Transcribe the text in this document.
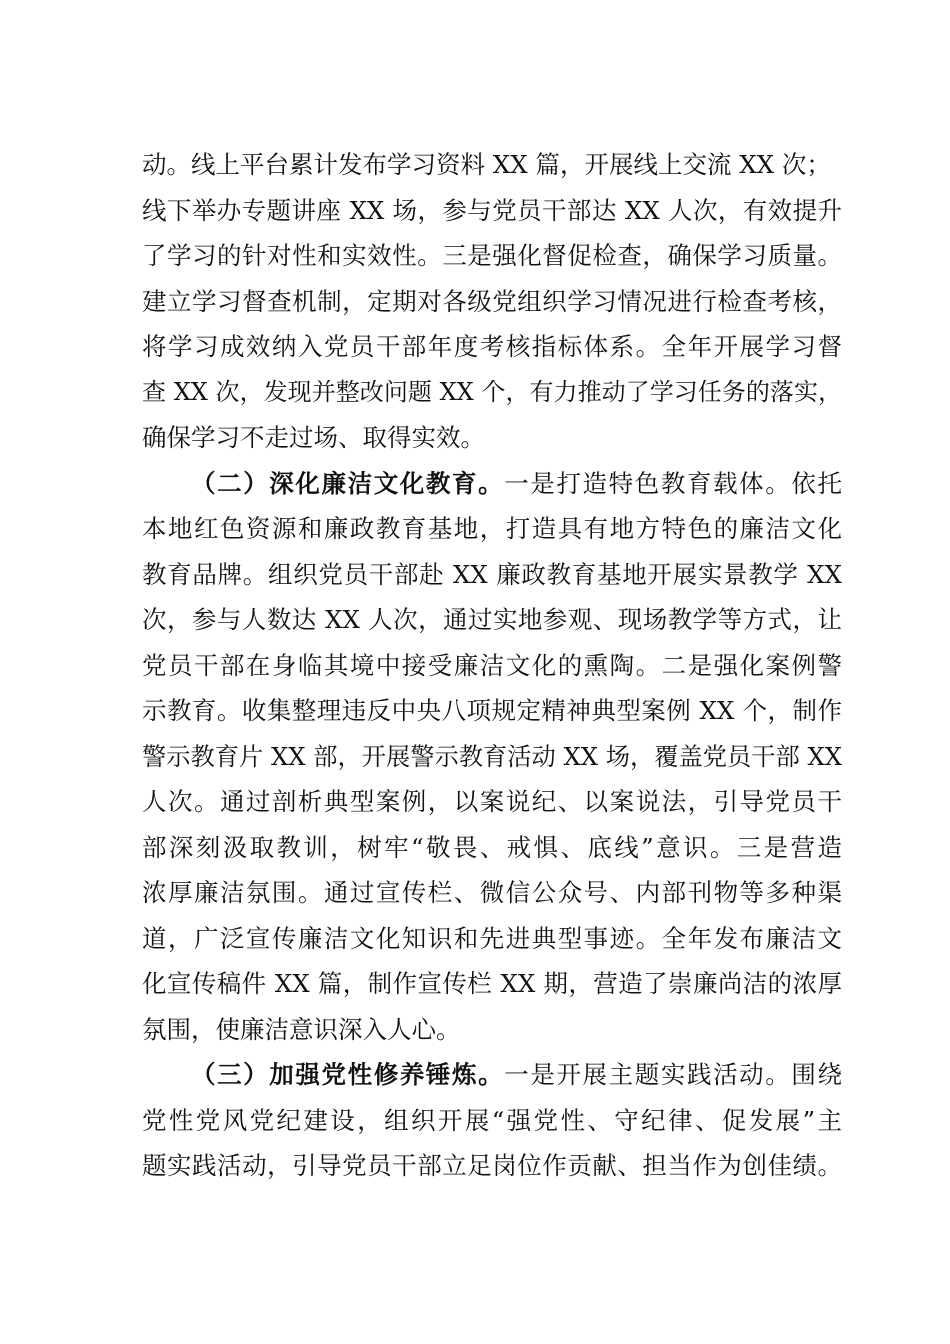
动。线上平台累计发布学习资料 XX 篇，开展线上交流 XX 次；
线下举办专题讲座 XX 场，参与党员干部达 XX 人次，有效提升
了学习的针对性和实效性。三是强化督促检查，确保学习质量。
建立学习督查机制，定期对各级党组织学习情况进行检查考核，
将学习成效纳入党员干部年度考核指标体系。全年开展学习督
查 XX 次，发现并整改问题 XX 个，有力推动了学习任务的落实，
确保学习不走过场、取得实效。
（二）深化廉洁文化教育。一是打造特色教育载体。依托
本地红色资源和廉政教育基地，打造具有地方特色的廉洁文化
教育品牌。组织党员干部赴 XX 廉政教育基地开展实景教学 XX
次，参与人数达 XX 人次，通过实地参观、现场教学等方式，让
党员干部在身临其境中接受廉洁文化的熏陶。二是强化案例警
示教育。收集整理违反中央八项规定精神典型案例 XX 个，制作
警示教育片 XX 部，开展警示教育活动 XX 场，覆盖党员干部 XX
人次。通过剖析典型案例，以案说纪、以案说法，引导党员干
部深刻汲取教训，树牢“敬畏、戒惧、底线”意识。三是营造
浓厚廉洁氛围。通过宣传栏、微信公众号、内部刊物等多种渠
道，广泛宣传廉洁文化知识和先进典型事迹。全年发布廉洁文
化宣传稿件 XX 篇，制作宣传栏 XX 期，营造了崇廉尚洁的浓厚
氛围，使廉洁意识深入人心。
（三）加强党性修养锤炼。一是开展主题实践活动。围绕
党性党风党纪建设，组织开展“强党性、守纪律、促发展”主
题实践活动，引导党员干部立足岗位作贡献、担当作为创佳绩。
